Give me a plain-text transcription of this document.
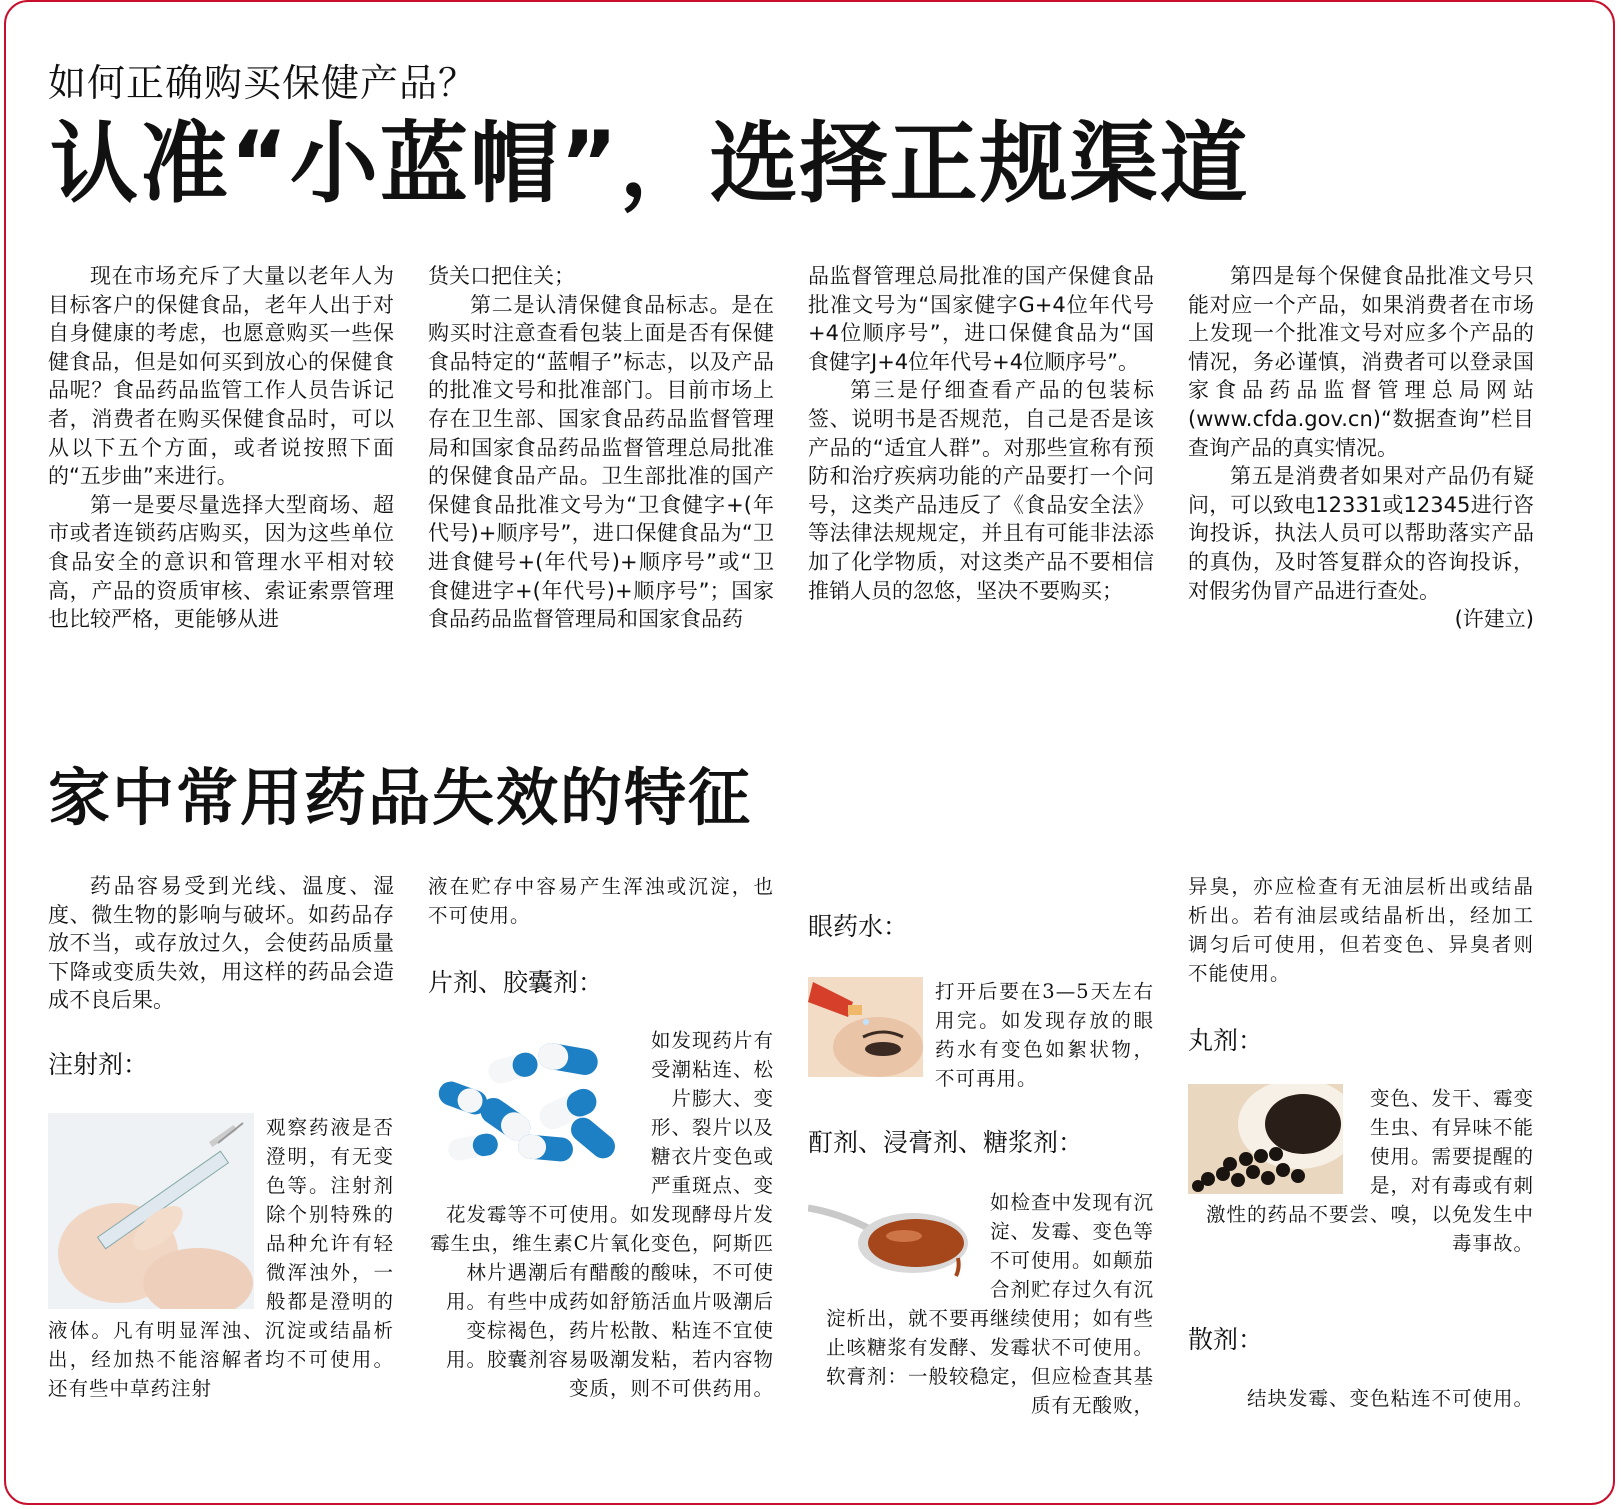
如何正确购买保健产品？
认准“小蓝帽”，选择正规渠道

现在市场充斥了大量以老年人为目标客户的保健食品，老年人出于对自身健康的考虑，也愿意购买一些保健食品，但是如何买到放心的保健食品呢？食品药品监管工作人员告诉记者，消费者在购买保健食品时，可以从以下五个方面，或者说按照下面的“五步曲”来进行。

第一是要尽量选择大型商场、超市或者连锁药店购买，因为这些单位食品安全的意识和管理水平相对较高，产品的资质审核、索证索票管理也比较严格，更能够从进

货关口把住关；

第二是认清保健食品标志。是在购买时注意查看包装上面是否有保健食品特定的“蓝帽子”标志，以及产品的批准文号和批准部门。目前市场上存在卫生部、国家食品药品监督管理局和国家食品药品监督管理总局批准的保健食品产品。卫生部批准的国产保健食品批准文号为“卫食健字+(年代号)+顺序号”，进口保健食品为“卫进食健号+(年代号)+顺序号”或“卫食健进字+(年代号)+顺序号”；国家食品药品监督管理局和国家食品药

品监督管理总局批准的国产保健食品批准文号为“国家健字G+4位年代号+4位顺序号”，进口保健食品为“国食健字J+4位年代号+4位顺序号”。

第三是仔细查看产品的包装标签、说明书是否规范，自己是否是该产品的“适宜人群”。对那些宣称有预防和治疗疾病功能的产品要打一个问号，这类产品违反了《食品安全法》等法律法规规定，并且有可能非法添加了化学物质，对这类产品不要相信推销人员的忽悠，坚决不要购买；

第四是每个保健食品批准文号只能对应一个产品，如果消费者在市场上发现一个批准文号对应多个产品的情况，务必谨慎，消费者可以登录国家食品药品监督管理总局网站(www.cfda.gov.cn)“数据查询”栏目查询产品的真实情况。

第五是消费者如果对产品仍有疑问，可以致电12331或12345进行咨询投诉，执法人员可以帮助落实产品的真伪，及时答复群众的咨询投诉，对假劣伪冒产品进行查处。

(许建立)
家中常用药品失效的特征

药品容易受到光线、温度、湿度、微生物的影响与破坏。如药品存放不当，或存放过久，会使药品质量下降或变质失效，用这样的药品会造成不良后果。

注射剂：

观察药液是否澄明，有无变色等。注射剂除个别特殊的品种允许有轻微浑浊外，一般都是澄明的液体。凡有明显浑浊、沉淀或结晶析出，经加热不能溶解者均不可使用。还有些中草药注射

液在贮存中容易产生浑浊或沉淀，也不可使用。

片剂、胶囊剂：

如发现药片有受潮粘连、松片膨大、变形、裂片以及糖衣片变色或严重斑点、变花发霉等不可使用。如发现酵母片发霉生虫，维生素C片氧化变色，阿斯匹林片遇潮后有醋酸的酸味，不可使用。有些中成药如舒筋活血片吸潮后变棕褐色，药片松散、粘连不宜使用。胶囊剂容易吸潮发粘，若内容物变质，则不可供药用。

眼药水：

打开后要在3—5天左右用完。如发现存放的眼药水有变色如絮状物，不可再用。

酊剂、浸膏剂、糖浆剂：

如检查中发现有沉淀、发霉、变色等不可使用。如颠茄合剂贮存过久有沉淀析出，就不要再继续使用；如有些止咳糖浆有发酵、发霉状不可使用。软膏剂：一般较稳定，但应检查其基质有无酸败，

异臭，亦应检查有无油层析出或结晶析出。若有油层或结晶析出，经加工调匀后可使用，但若变色、异臭者则不能使用。

丸剂：

变色、发干、霉变生虫、有异味不能使用。需要提醒的是，对有毒或有刺激性的药品不要尝、嗅，以免发生中毒事故。

散剂：

结块发霉、变色粘连不可使用。
